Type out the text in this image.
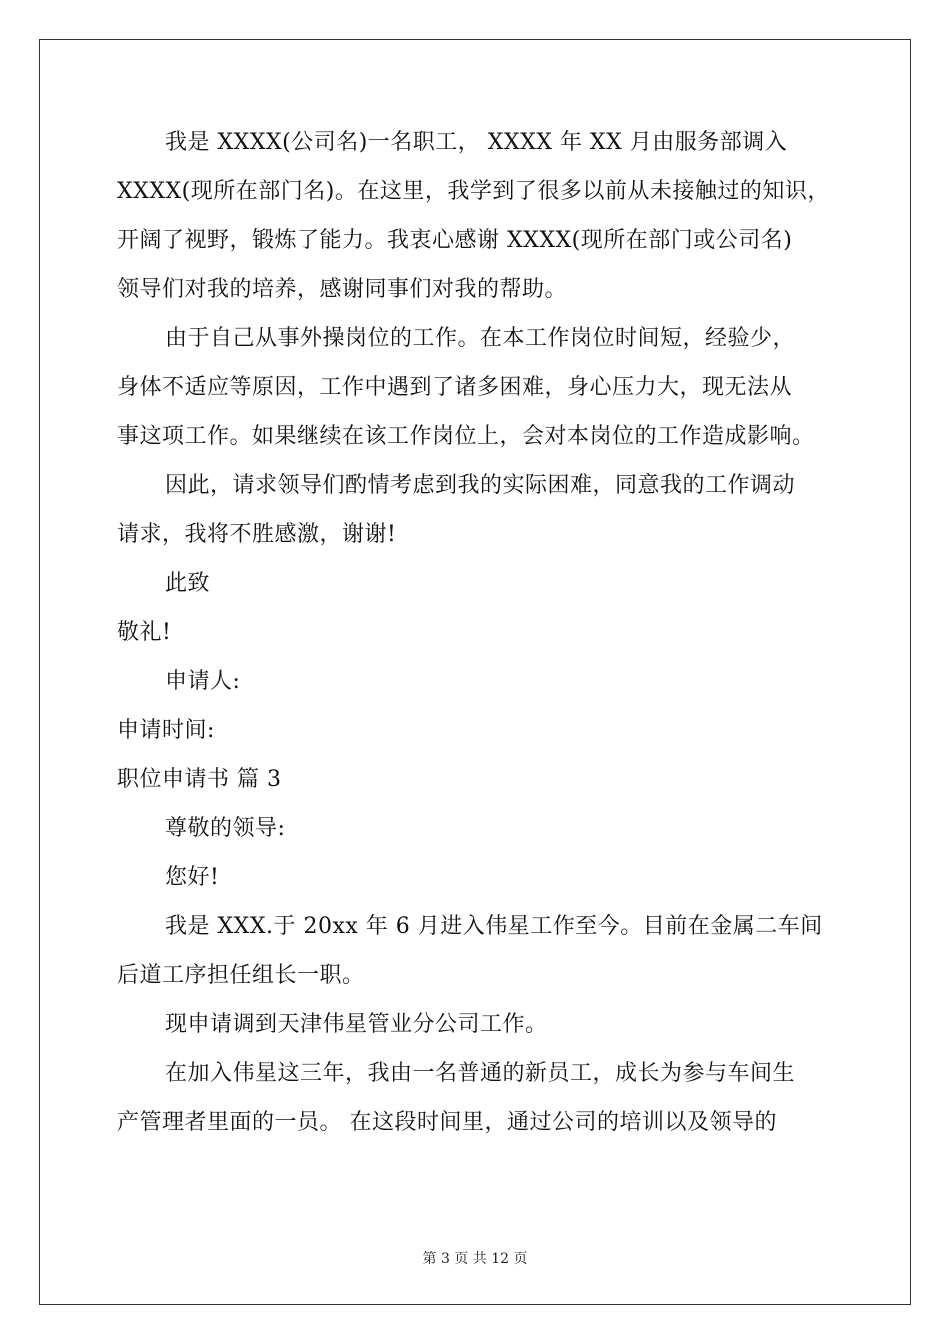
我是 XXXX(公司名)一名职工， XXXX 年 XX 月由服务部调入
XXXX(现所在部门名)。在这里，我学到了很多以前从未接触过的知识，
开阔了视野，锻炼了能力。我衷心感谢 XXXX(现所在部门或公司名)
领导们对我的培养，感谢同事们对我的帮助。
由于自己从事外操岗位的工作。在本工作岗位时间短，经验少，
身体不适应等原因，工作中遇到了诸多困难，身心压力大，现无法从
事这项工作。如果继续在该工作岗位上，会对本岗位的工作造成影响。
因此，请求领导们酌情考虑到我的实际困难，同意我的工作调动
请求，我将不胜感激，谢谢!
此致
敬礼!
申请人:
申请时间:
职位申请书 篇 3
尊敬的领导:
您好!
我是 XXX.于 20xx 年 6 月进入伟星工作至今。目前在金属二车间
后道工序担任组长一职。
现申请调到天津伟星管业分公司工作。
在加入伟星这三年，我由一名普通的新员工，成长为参与车间生
产管理者里面的一员。 在这段时间里，通过公司的培训以及领导的
第 3 页 共 12 页
